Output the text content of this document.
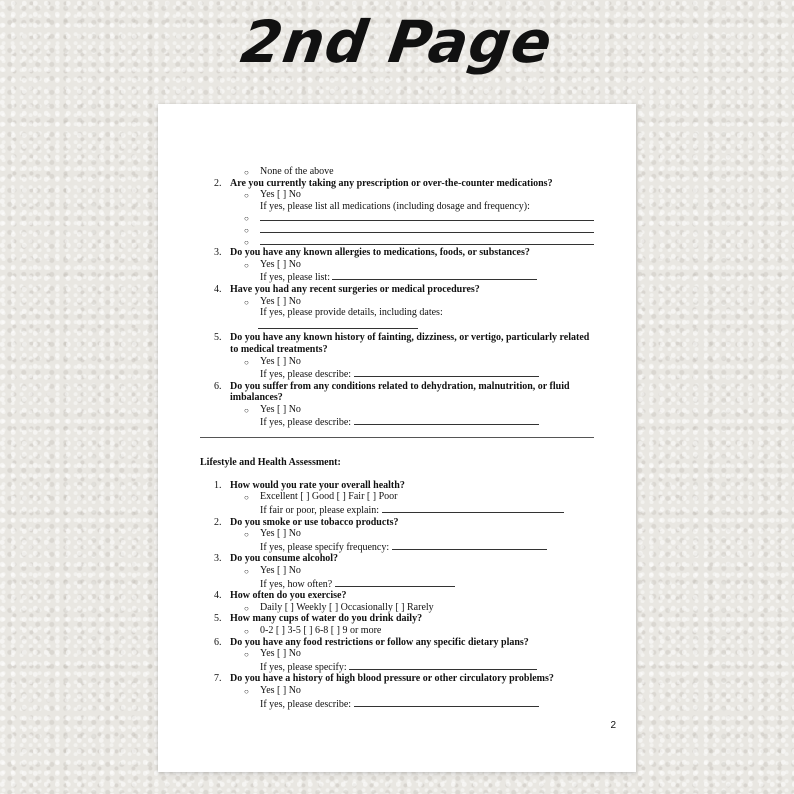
2nd Page
○ None of the above
2. Are you currently taking any prescription or over-the-counter medications?
○ Yes [ ] No
If yes, please list all medications (including dosage and frequency):
○
○
○
3. Do you have any known allergies to medications, foods, or substances?
○ Yes [ ] No
If yes, please list:
4. Have you had any recent surgeries or medical procedures?
○ Yes [ ] No
If yes, please provide details, including dates:
5. Do you have any known history of fainting, dizziness, or vertigo, particularly related to medical treatments?
○ Yes [ ] No
If yes, please describe:
6. Do you suffer from any conditions related to dehydration, malnutrition, or fluid imbalances?
○ Yes [ ] No
If yes, please describe:
Lifestyle and Health Assessment:
1. How would you rate your overall health?
○ Excellent [ ] Good [ ] Fair [ ] Poor
If fair or poor, please explain:
2. Do you smoke or use tobacco products?
○ Yes [ ] No
If yes, please specify frequency:
3. Do you consume alcohol?
○ Yes [ ] No
If yes, how often?
4. How often do you exercise?
○ Daily [ ] Weekly [ ] Occasionally [ ] Rarely
5. How many cups of water do you drink daily?
○ 0-2 [ ] 3-5 [ ] 6-8 [ ] 9 or more
6. Do you have any food restrictions or follow any specific dietary plans?
○ Yes [ ] No
If yes, please specify:
7. Do you have a history of high blood pressure or other circulatory problems?
○ Yes [ ] No
If yes, please describe:
2
